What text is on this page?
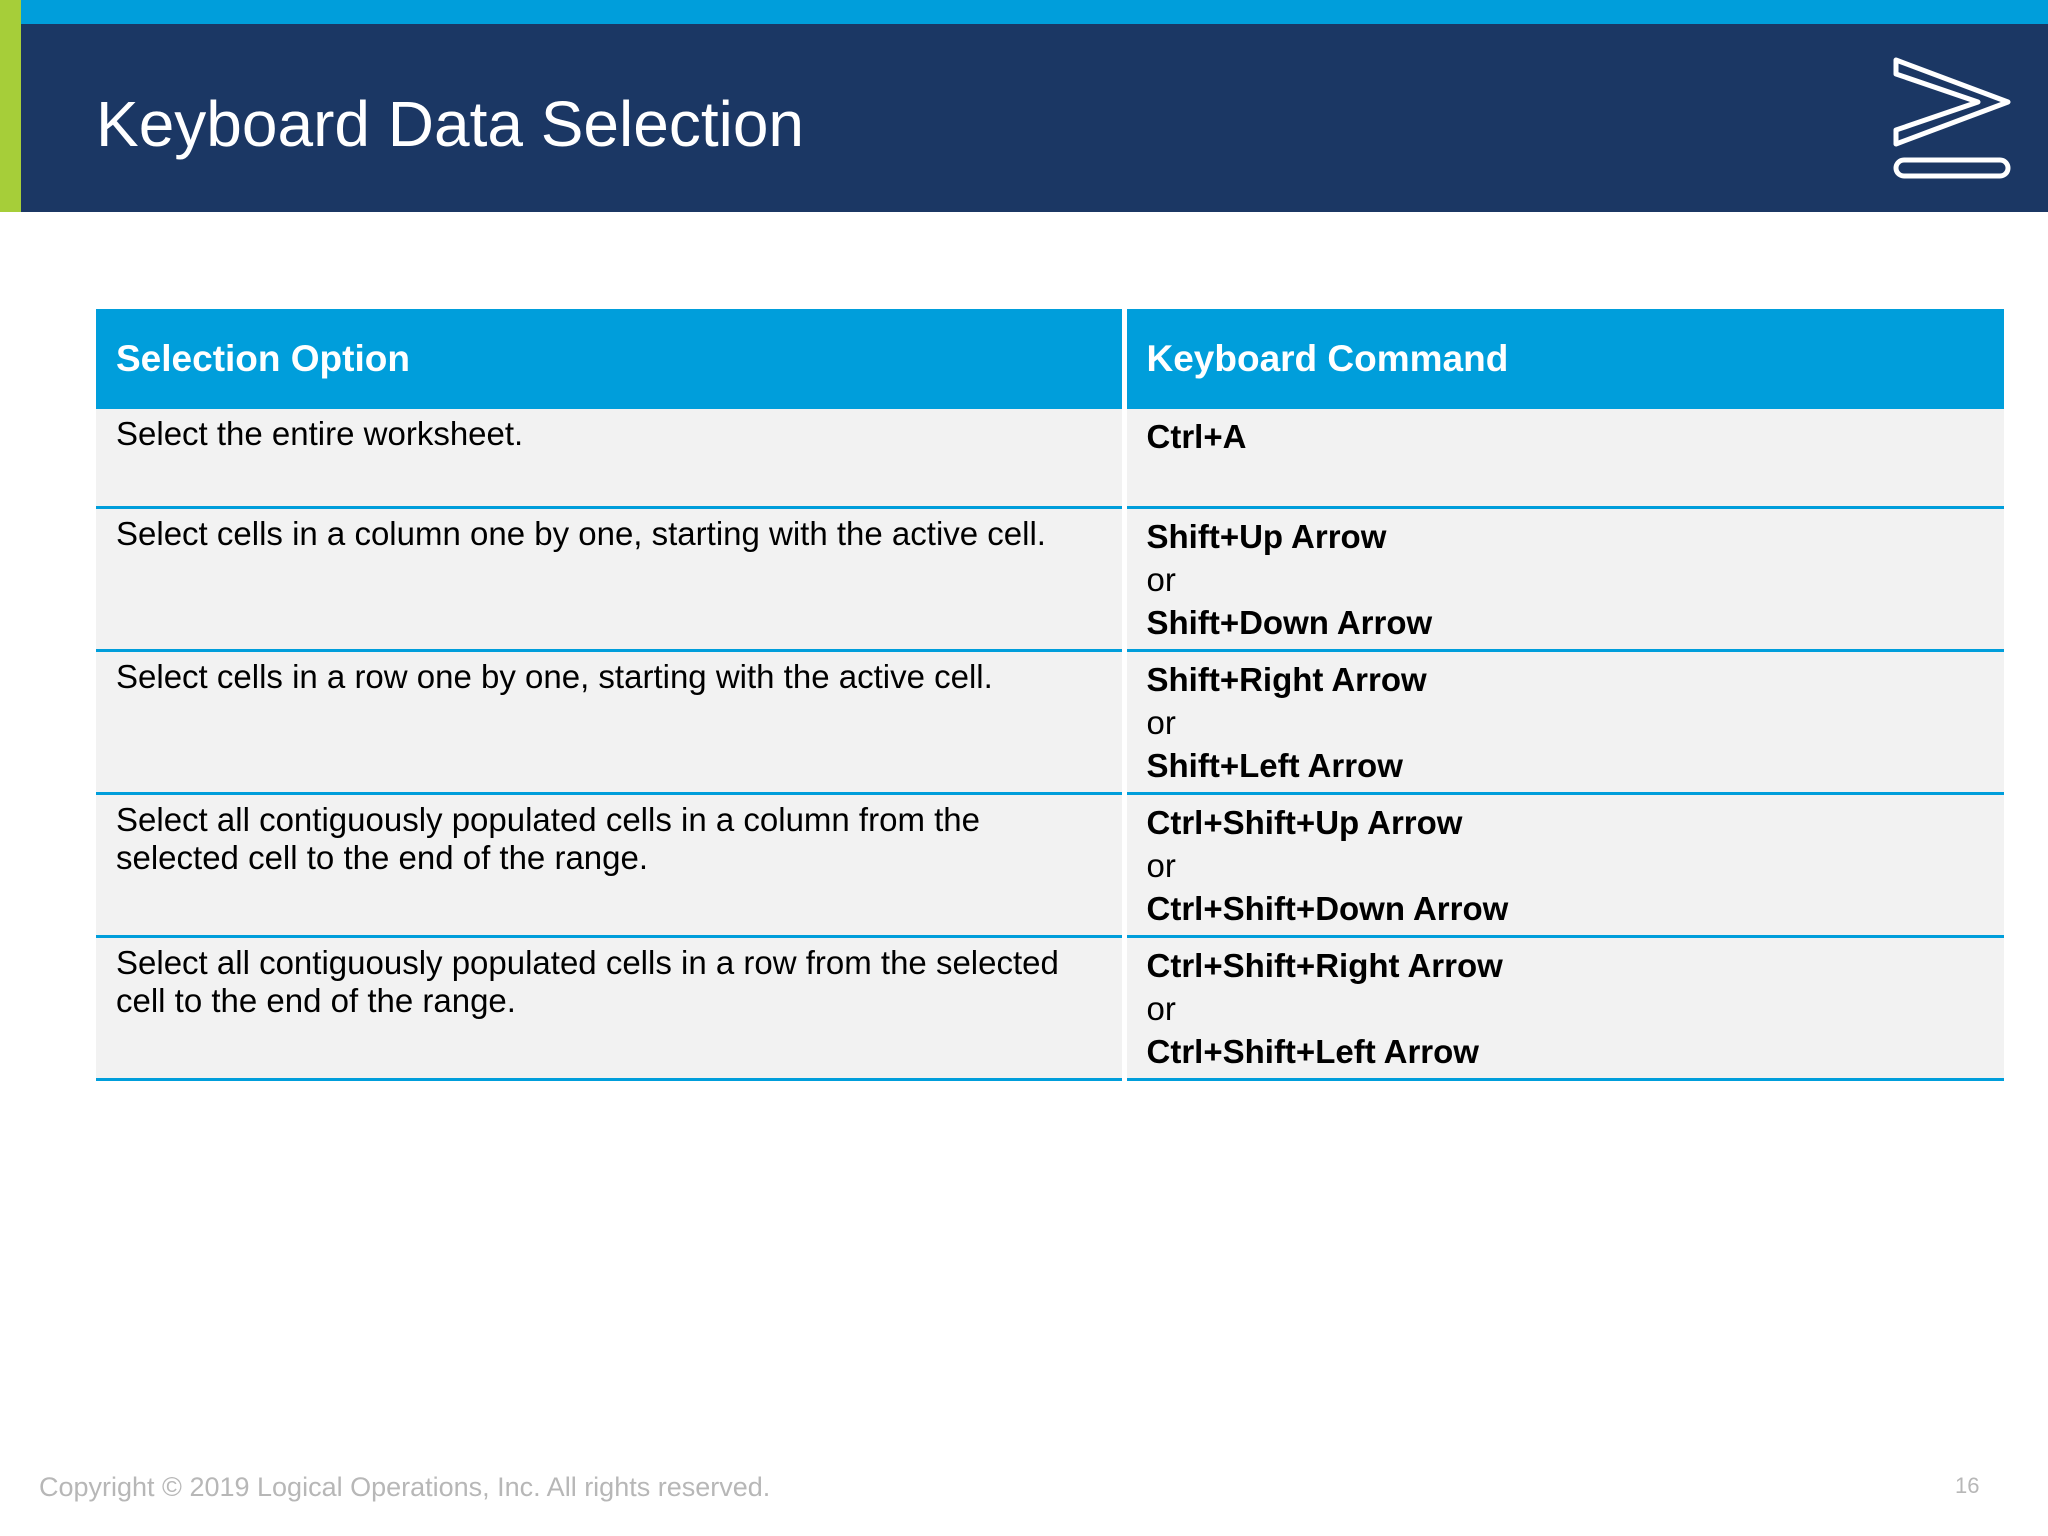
Keyboard Data Selection
Selection Option	Keyboard Command
Select the entire worksheet.	Ctrl+A
Select cells in a column one by one, starting with the active cell.	Shift+Up Arrow
or
Shift+Down Arrow

Select cells in a row one by one, starting with the active cell.	Shift+Right Arrow
or
Shift+Left Arrow

Select all contiguously populated cells in a column from the selected cell to the end of the range.	Ctrl+Shift+Up Arrow
or
Ctrl+Shift+Down Arrow

Select all contiguously populated cells in a row from the selected cell to the end of the range.	Ctrl+Shift+Right Arrow
or
Ctrl+Shift+Left Arrow
Copyright © 2019 Logical Operations, Inc. All rights reserved.	16
